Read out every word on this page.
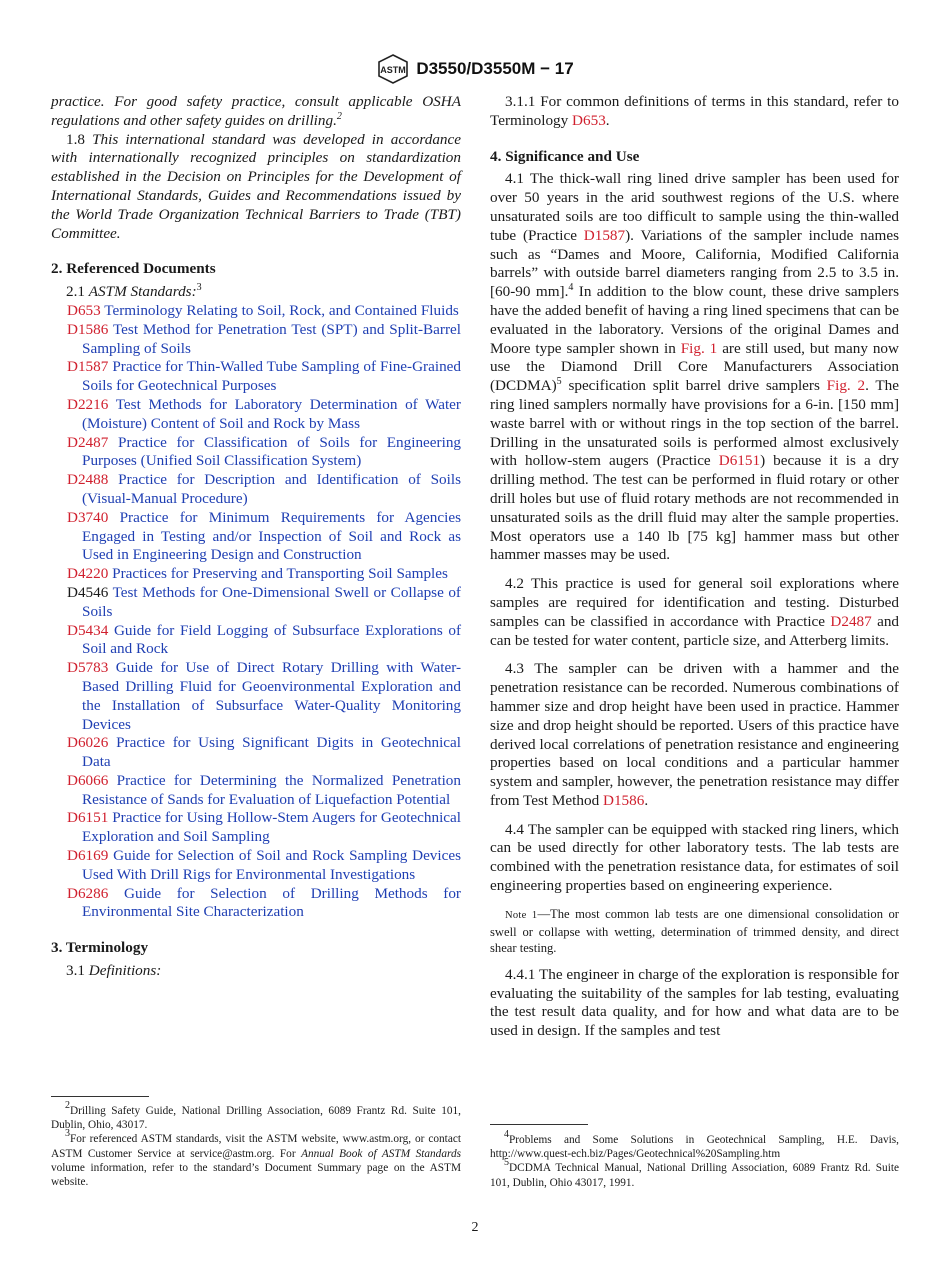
ASTM D3550/D3550M − 17

practice. For good safety practice, consult applicable OSHA regulations and other safety guides on drilling.$^2$

1.8 This international standard was developed in accordance with internationally recognized principles on standardization established in the Decision on Principles for the Development of International Standards, Guides and Recommendations issued by the World Trade Organization Technical Barriers to Trade (TBT) Committee.

2. Referenced Documents

2.1 ASTM Standards:$^3$

D653 Terminology Relating to Soil, Rock, and Contained Fluids

D1586 Test Method for Penetration Test (SPT) and Split-Barrel Sampling of Soils

D1587 Practice for Thin-Walled Tube Sampling of Fine-Grained Soils for Geotechnical Purposes

D2216 Test Methods for Laboratory Determination of Water (Moisture) Content of Soil and Rock by Mass

D2487 Practice for Classification of Soils for Engineering Purposes (Unified Soil Classification System)

D2488 Practice for Description and Identification of Soils (Visual-Manual Procedure)

D3740 Practice for Minimum Requirements for Agencies Engaged in Testing and/or Inspection of Soil and Rock as Used in Engineering Design and Construction

D4220 Practices for Preserving and Transporting Soil Samples

D4546 Test Methods for One-Dimensional Swell or Collapse of Soils

D5434 Guide for Field Logging of Subsurface Explorations of Soil and Rock

D5783 Guide for Use of Direct Rotary Drilling with Water-Based Drilling Fluid for Geoenvironmental Exploration and the Installation of Subsurface Water-Quality Monitoring Devices

D6026 Practice for Using Significant Digits in Geotechnical Data

D6066 Practice for Determining the Normalized Penetration Resistance of Sands for Evaluation of Liquefaction Potential

D6151 Practice for Using Hollow-Stem Augers for Geotechnical Exploration and Soil Sampling

D6169 Guide for Selection of Soil and Rock Sampling Devices Used With Drill Rigs for Environmental Investigations

D6286 Guide for Selection of Drilling Methods for Environmental Site Characterization

3. Terminology

3.1 Definitions:

$^2$Drilling Safety Guide, National Drilling Association, 6089 Frantz Rd. Suite 101, Dublin, Ohio, 43017.

$^3$For referenced ASTM standards, visit the ASTM website, www.astm.org, or contact ASTM Customer Service at service@astm.org. For Annual Book of ASTM Standards volume information, refer to the standard’s Document Summary page on the ASTM website.

3.1.1 For common definitions of terms in this standard, refer to Terminology D653.

4. Significance and Use

4.1 The thick-wall ring lined drive sampler has been used for over 50 years in the arid southwest regions of the U.S. where unsaturated soils are too difficult to sample using the thin-walled tube (Practice D1587). Variations of the sampler include names such as “Dames and Moore, California, Modified California barrels” with outside barrel diameters ranging from 2.5 to 3.5 in. [60-90 mm].$^4$ In addition to the blow count, these drive samplers have the added benefit of having a ring lined specimens that can be evaluated in the laboratory. Versions of the original Dames and Moore type sampler shown in Fig. 1 are still used, but many now use the Diamond Drill Core Manufacturers Association (DCDMA)$^5$ specification split barrel drive samplers Fig. 2. The ring lined samplers normally have provisions for a 6-in. [150 mm] waste barrel with or without rings in the top section of the barrel. Drilling in the unsaturated soils is performed almost exclusively with hollow-stem augers (Practice D6151) because it is a dry drilling method. The test can be performed in fluid rotary or other drill holes but use of fluid rotary methods are not recommended in unsaturated soils as the drill fluid may alter the sample properties. Most operators use a 140 lb [75 kg] hammer mass but other hammer masses may be used.

4.2 This practice is used for general soil explorations where samples are required for identification and testing. Disturbed samples can be classified in accordance with Practice D2487 and can be tested for water content, particle size, and Atterberg limits.

4.3 The sampler can be driven with a hammer and the penetration resistance can be recorded. Numerous combinations of hammer size and drop height have been used in practice. Hammer size and drop height should be reported. Users of this practice have derived local correlations of penetration resistance and engineering properties based on local conditions and a particular hammer system and sampler, however, the penetration resistance may differ from Test Method D1586.

4.4 The sampler can be equipped with stacked ring liners, which can be used directly for other laboratory tests. The lab tests are combined with the penetration resistance data, for estimates of soil engineering properties based on engineering experience.

Note 1—The most common lab tests are one dimensional consolidation or swell or collapse with wetting, determination of trimmed density, and direct shear testing.

4.4.1 The engineer in charge of the exploration is responsible for evaluating the suitability of the samples for lab testing, evaluating the test result data quality, and for how and what data are to be used in design. If the samples and test

$^4$Problems and Some Solutions in Geotechnical Sampling, H.E. Davis, http://www.quest-ech.biz/Pages/Geotechnical%20Sampling.htm

$^5$DCDMA Technical Manual, National Drilling Association, 6089 Frantz Rd. Suite 101, Dublin, Ohio 43017, 1991.

2
